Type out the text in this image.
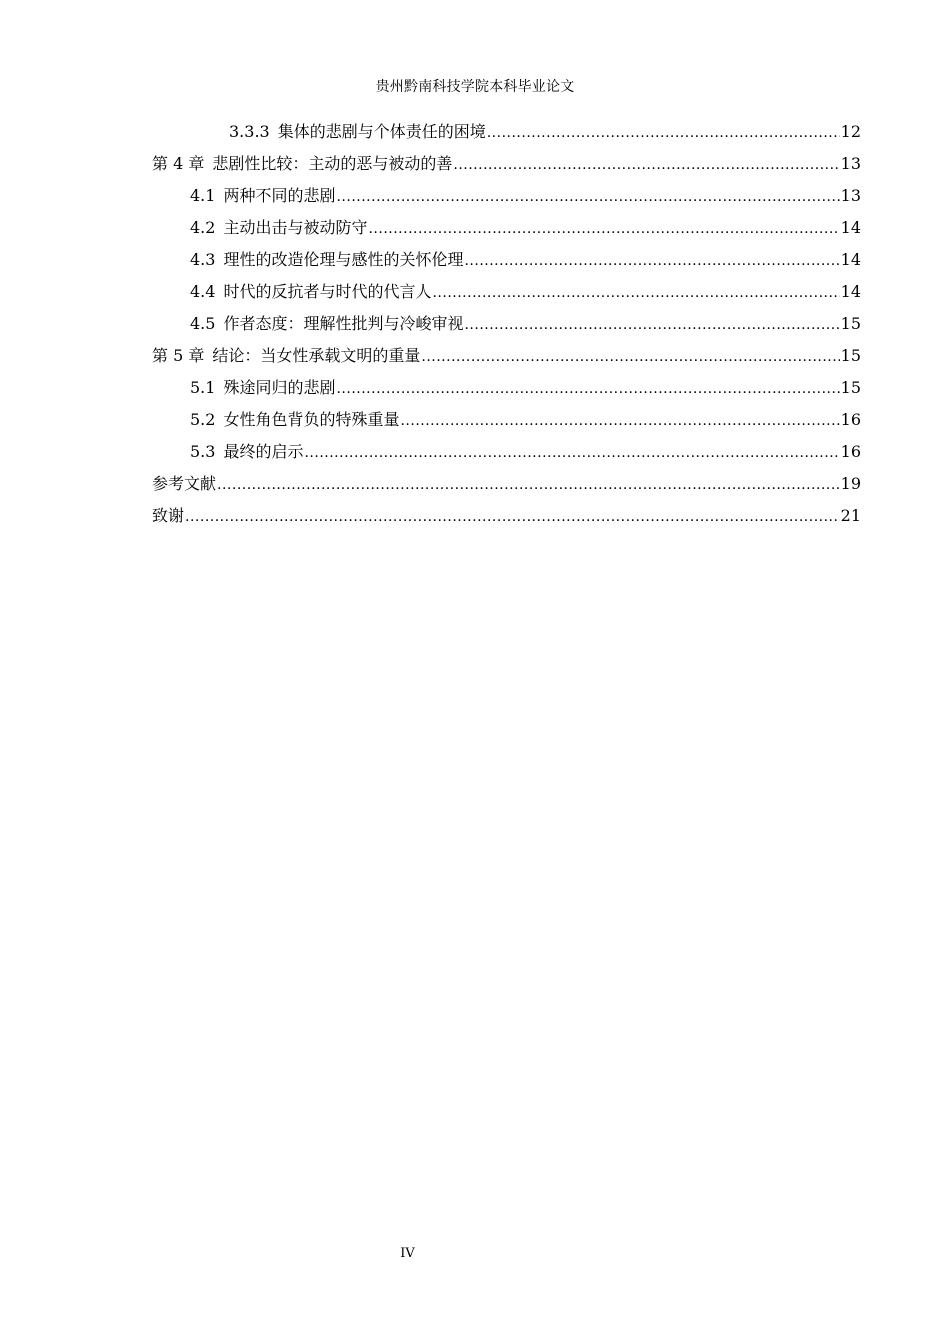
贵州黔南科技学院本科毕业论文
3.3.3 集体的悲剧与个体责任的困境 .....	12
第 4 章 悲剧性比较：主动的恶与被动的善 .....	13
4.1 两种不同的悲剧 .....	13
4.2 主动出击与被动防守 .....	14
4.3 理性的改造伦理与感性的关怀伦理 .....	14
4.4 时代的反抗者与时代的代言人 .....	14
4.5 作者态度：理解性批判与冷峻审视 .....	15
第 5 章 结论：当女性承载文明的重量 .....	15
5.1 殊途同归的悲剧 .....	15
5.2 女性角色背负的特殊重量 .....	16
5.3 最终的启示 .....	16
参考文献 .....	19
致谢 .....	21
IV
